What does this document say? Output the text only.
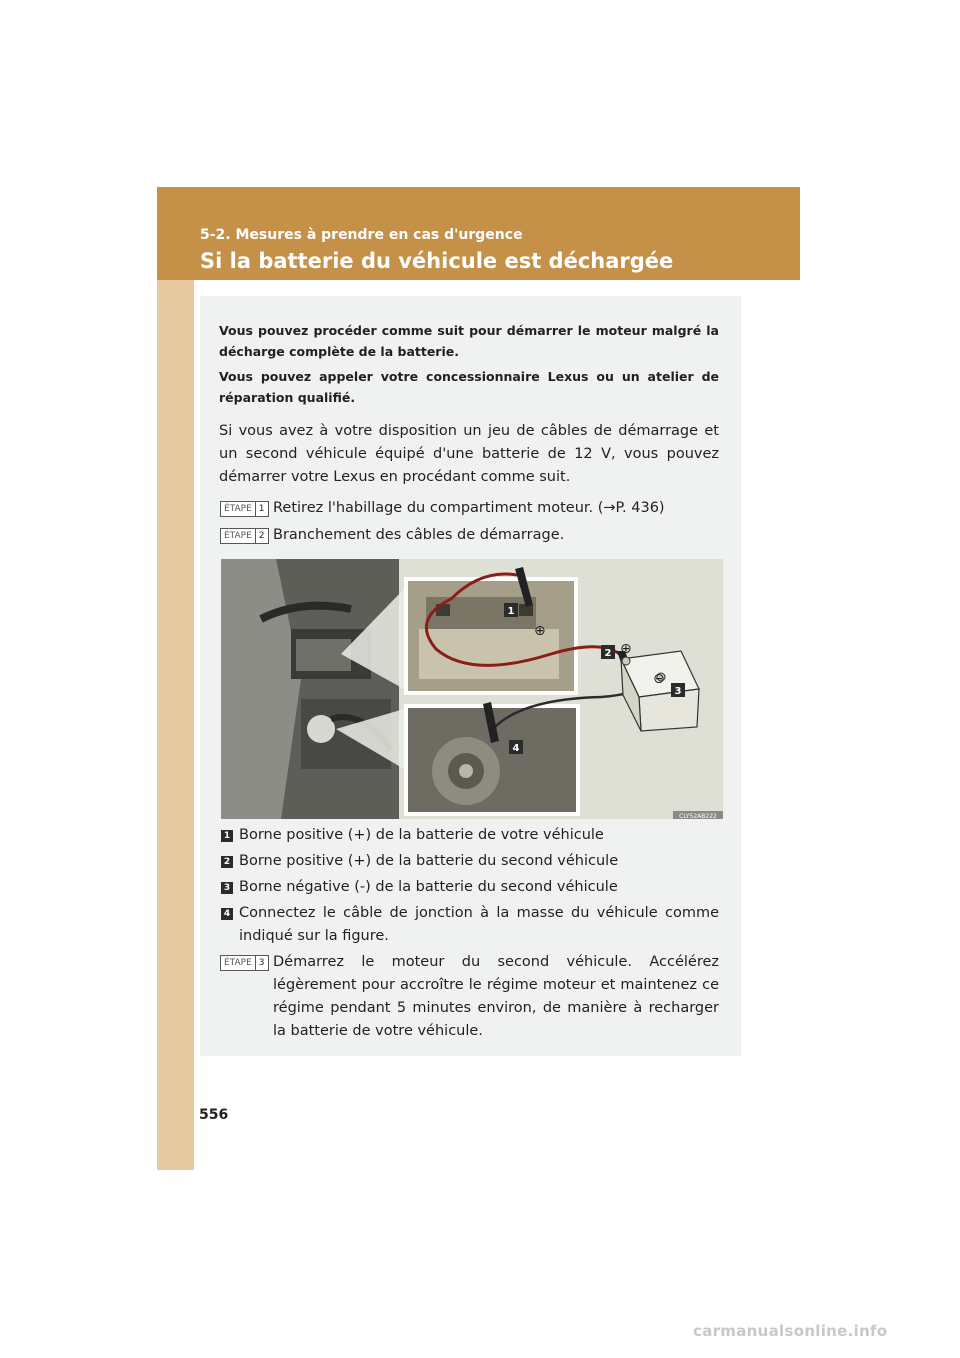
5-2. Mesures à prendre en cas d'urgence
Si la batterie du véhicule est déchargée

Vous pouvez procéder comme suit pour démarrer le moteur malgré la décharge complète de la batterie.

Vous pouvez appeler votre concessionnaire Lexus ou un atelier de réparation qualifié.

Si vous avez à votre disposition un jeu de câbles de démarrage et un second véhicule équipé d'une batterie de 12 V, vous pouvez démarrer votre Lexus en procédant comme suit.

ÉTAPE 1 Retirez l'habillage du compartiment moteur. (→P. 436)

ÉTAPE 2 Branchement des câbles de démarrage.

⊕
⊕
⊖
1
2
3
4
CLY52AB222
1 Borne positive (+) de la batterie de votre véhicule

2 Borne positive (+) de la batterie du second véhicule

3 Borne négative (-) de la batterie du second véhicule

4 Connectez le câble de jonction à la masse du véhicule comme indiqué sur la figure.

ÉTAPE 3 Démarrez le moteur du second véhicule. Accélérez légèrement pour accroître le régime moteur et maintenez ce régime pendant 5 minutes environ, de manière à recharger la batterie de votre véhicule.

556
carmanualsonline.info
